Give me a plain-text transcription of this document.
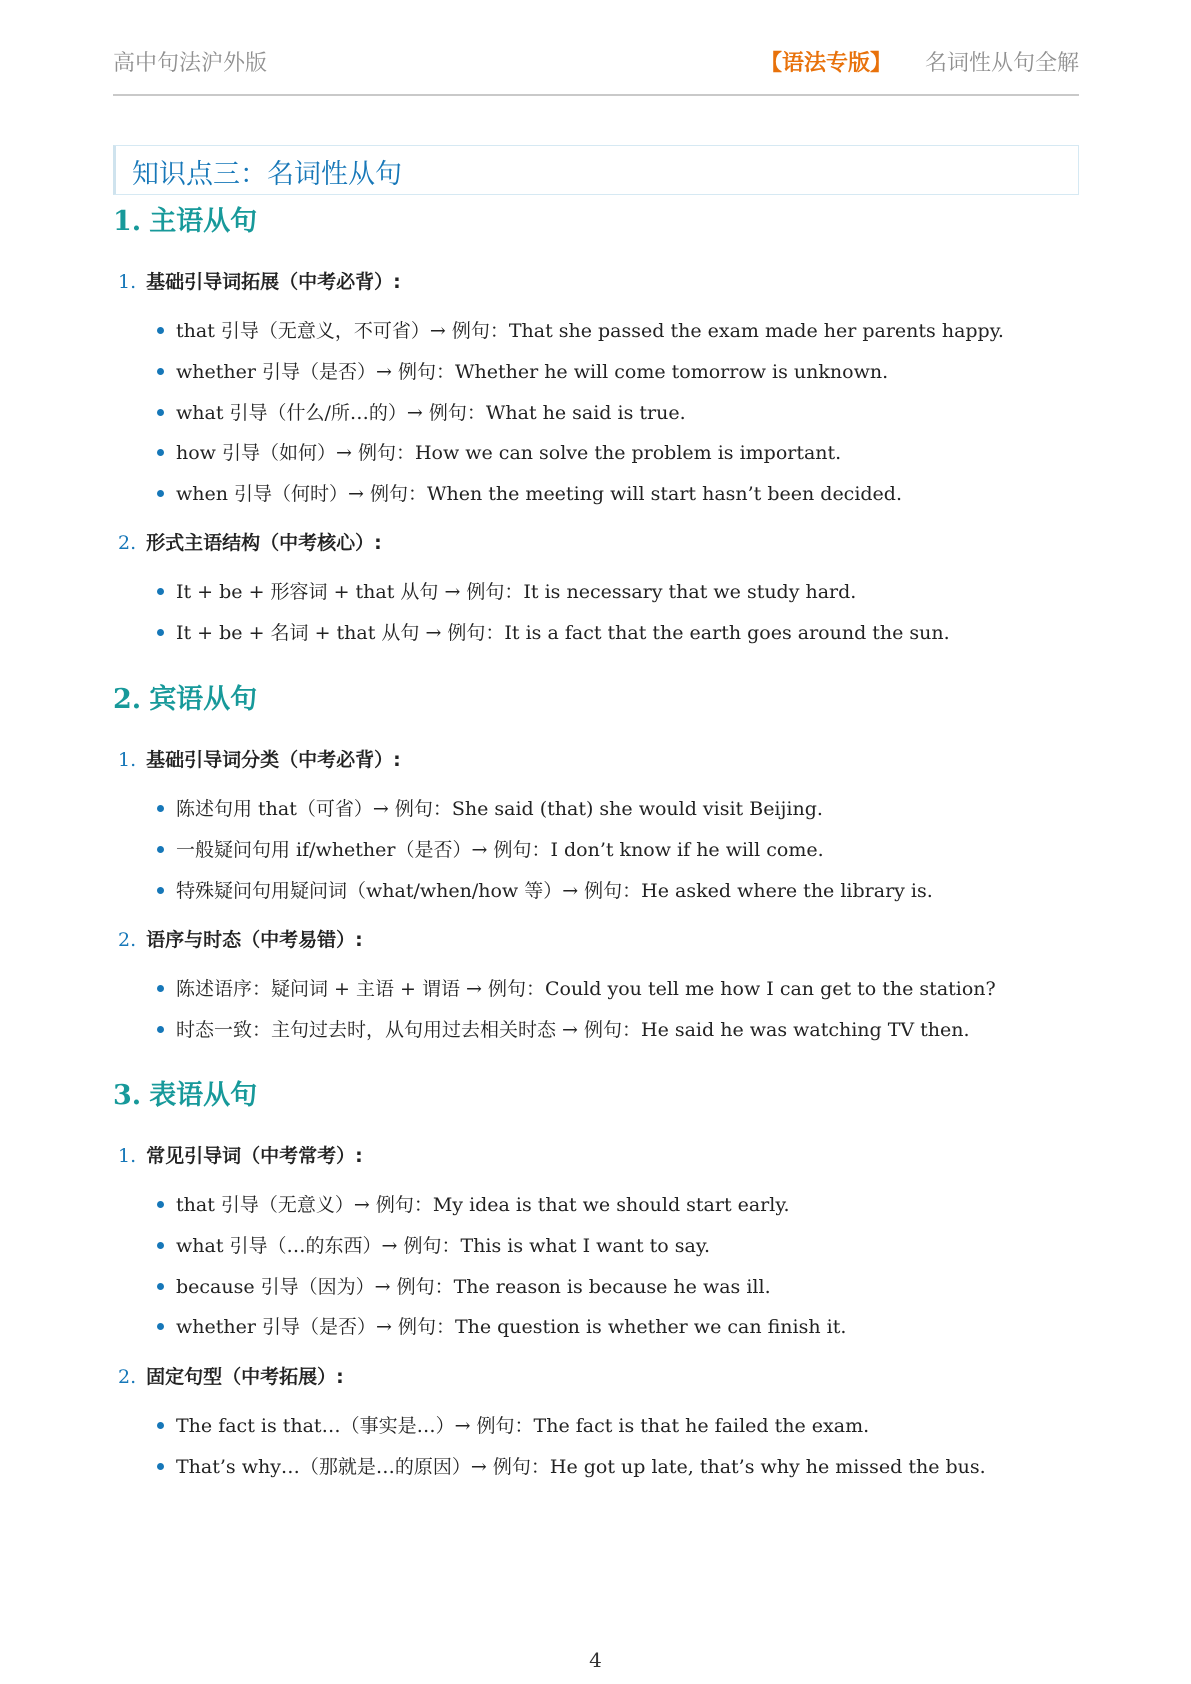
高中句法沪外版	【语法专版】 名词性从句全解
知识点三：名词性从句
1. 主语从句
1. 基础引导词拓展（中考必背）:
that 引导（无意义，不可省）→ 例句：That she passed the exam made her parents happy.
whether 引导（是否）→ 例句：Whether he will come tomorrow is unknown.
what 引导（什么/所…的）→ 例句：What he said is true.
how 引导（如何）→ 例句：How we can solve the problem is important.
when 引导（何时）→ 例句：When the meeting will start hasn’t been decided.
2. 形式主语结构（中考核心）:
It + be + 形容词 + that 从句 → 例句：It is necessary that we study hard.
It + be + 名词 + that 从句 → 例句：It is a fact that the earth goes around the sun.
2. 宾语从句
1. 基础引导词分类（中考必背）:
陈述句用 that（可省）→ 例句：She said (that) she would visit Beijing.
一般疑问句用 if/whether（是否）→ 例句：I don’t know if he will come.
特殊疑问句用疑问词（what/when/how 等）→ 例句：He asked where the library is.
2. 语序与时态（中考易错）:
陈述语序：疑问词 + 主语 + 谓语 → 例句：Could you tell me how I can get to the station?
时态一致：主句过去时，从句用过去相关时态 → 例句：He said he was watching TV then.
3. 表语从句
1. 常见引导词（中考常考）:
that 引导（无意义）→ 例句：My idea is that we should start early.
what 引导（…的东西）→ 例句：This is what I want to say.
because 引导（因为）→ 例句：The reason is because he was ill.
whether 引导（是否）→ 例句：The question is whether we can finish it.
2. 固定句型（中考拓展）:
The fact is that…（事实是…）→ 例句：The fact is that he failed the exam.
That’s why…（那就是…的原因）→ 例句：He got up late, that’s why he missed the bus.
4
